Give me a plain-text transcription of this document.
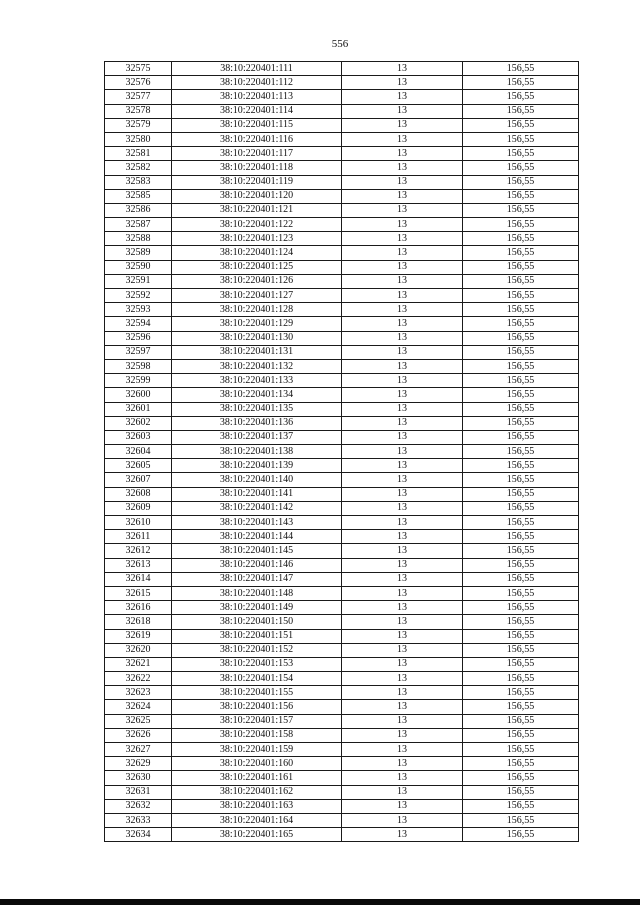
556
32575	38:10:220401:111	13	156,55
32576	38:10:220401:112	13	156,55
32577	38:10:220401:113	13	156,55
32578	38:10:220401:114	13	156,55
32579	38:10:220401:115	13	156,55
32580	38:10:220401:116	13	156,55
32581	38:10:220401:117	13	156,55
32582	38:10:220401:118	13	156,55
32583	38:10:220401:119	13	156,55
32585	38:10:220401:120	13	156,55
32586	38:10:220401:121	13	156,55
32587	38:10:220401:122	13	156,55
32588	38:10:220401:123	13	156,55
32589	38:10:220401:124	13	156,55
32590	38:10:220401:125	13	156,55
32591	38:10:220401:126	13	156,55
32592	38:10:220401:127	13	156,55
32593	38:10:220401:128	13	156,55
32594	38:10:220401:129	13	156,55
32596	38:10:220401:130	13	156,55
32597	38:10:220401:131	13	156,55
32598	38:10:220401:132	13	156,55
32599	38:10:220401:133	13	156,55
32600	38:10:220401:134	13	156,55
32601	38:10:220401:135	13	156,55
32602	38:10:220401:136	13	156,55
32603	38:10:220401:137	13	156,55
32604	38:10:220401:138	13	156,55
32605	38:10:220401:139	13	156,55
32607	38:10:220401:140	13	156,55
32608	38:10:220401:141	13	156,55
32609	38:10:220401:142	13	156,55
32610	38:10:220401:143	13	156,55
32611	38:10:220401:144	13	156,55
32612	38:10:220401:145	13	156,55
32613	38:10:220401:146	13	156,55
32614	38:10:220401:147	13	156,55
32615	38:10:220401:148	13	156,55
32616	38:10:220401:149	13	156,55
32618	38:10:220401:150	13	156,55
32619	38:10:220401:151	13	156,55
32620	38:10:220401:152	13	156,55
32621	38:10:220401:153	13	156,55
32622	38:10:220401:154	13	156,55
32623	38:10:220401:155	13	156,55
32624	38:10:220401:156	13	156,55
32625	38:10:220401:157	13	156,55
32626	38:10:220401:158	13	156,55
32627	38:10:220401:159	13	156,55
32629	38:10:220401:160	13	156,55
32630	38:10:220401:161	13	156,55
32631	38:10:220401:162	13	156,55
32632	38:10:220401:163	13	156,55
32633	38:10:220401:164	13	156,55
32634	38:10:220401:165	13	156,55
